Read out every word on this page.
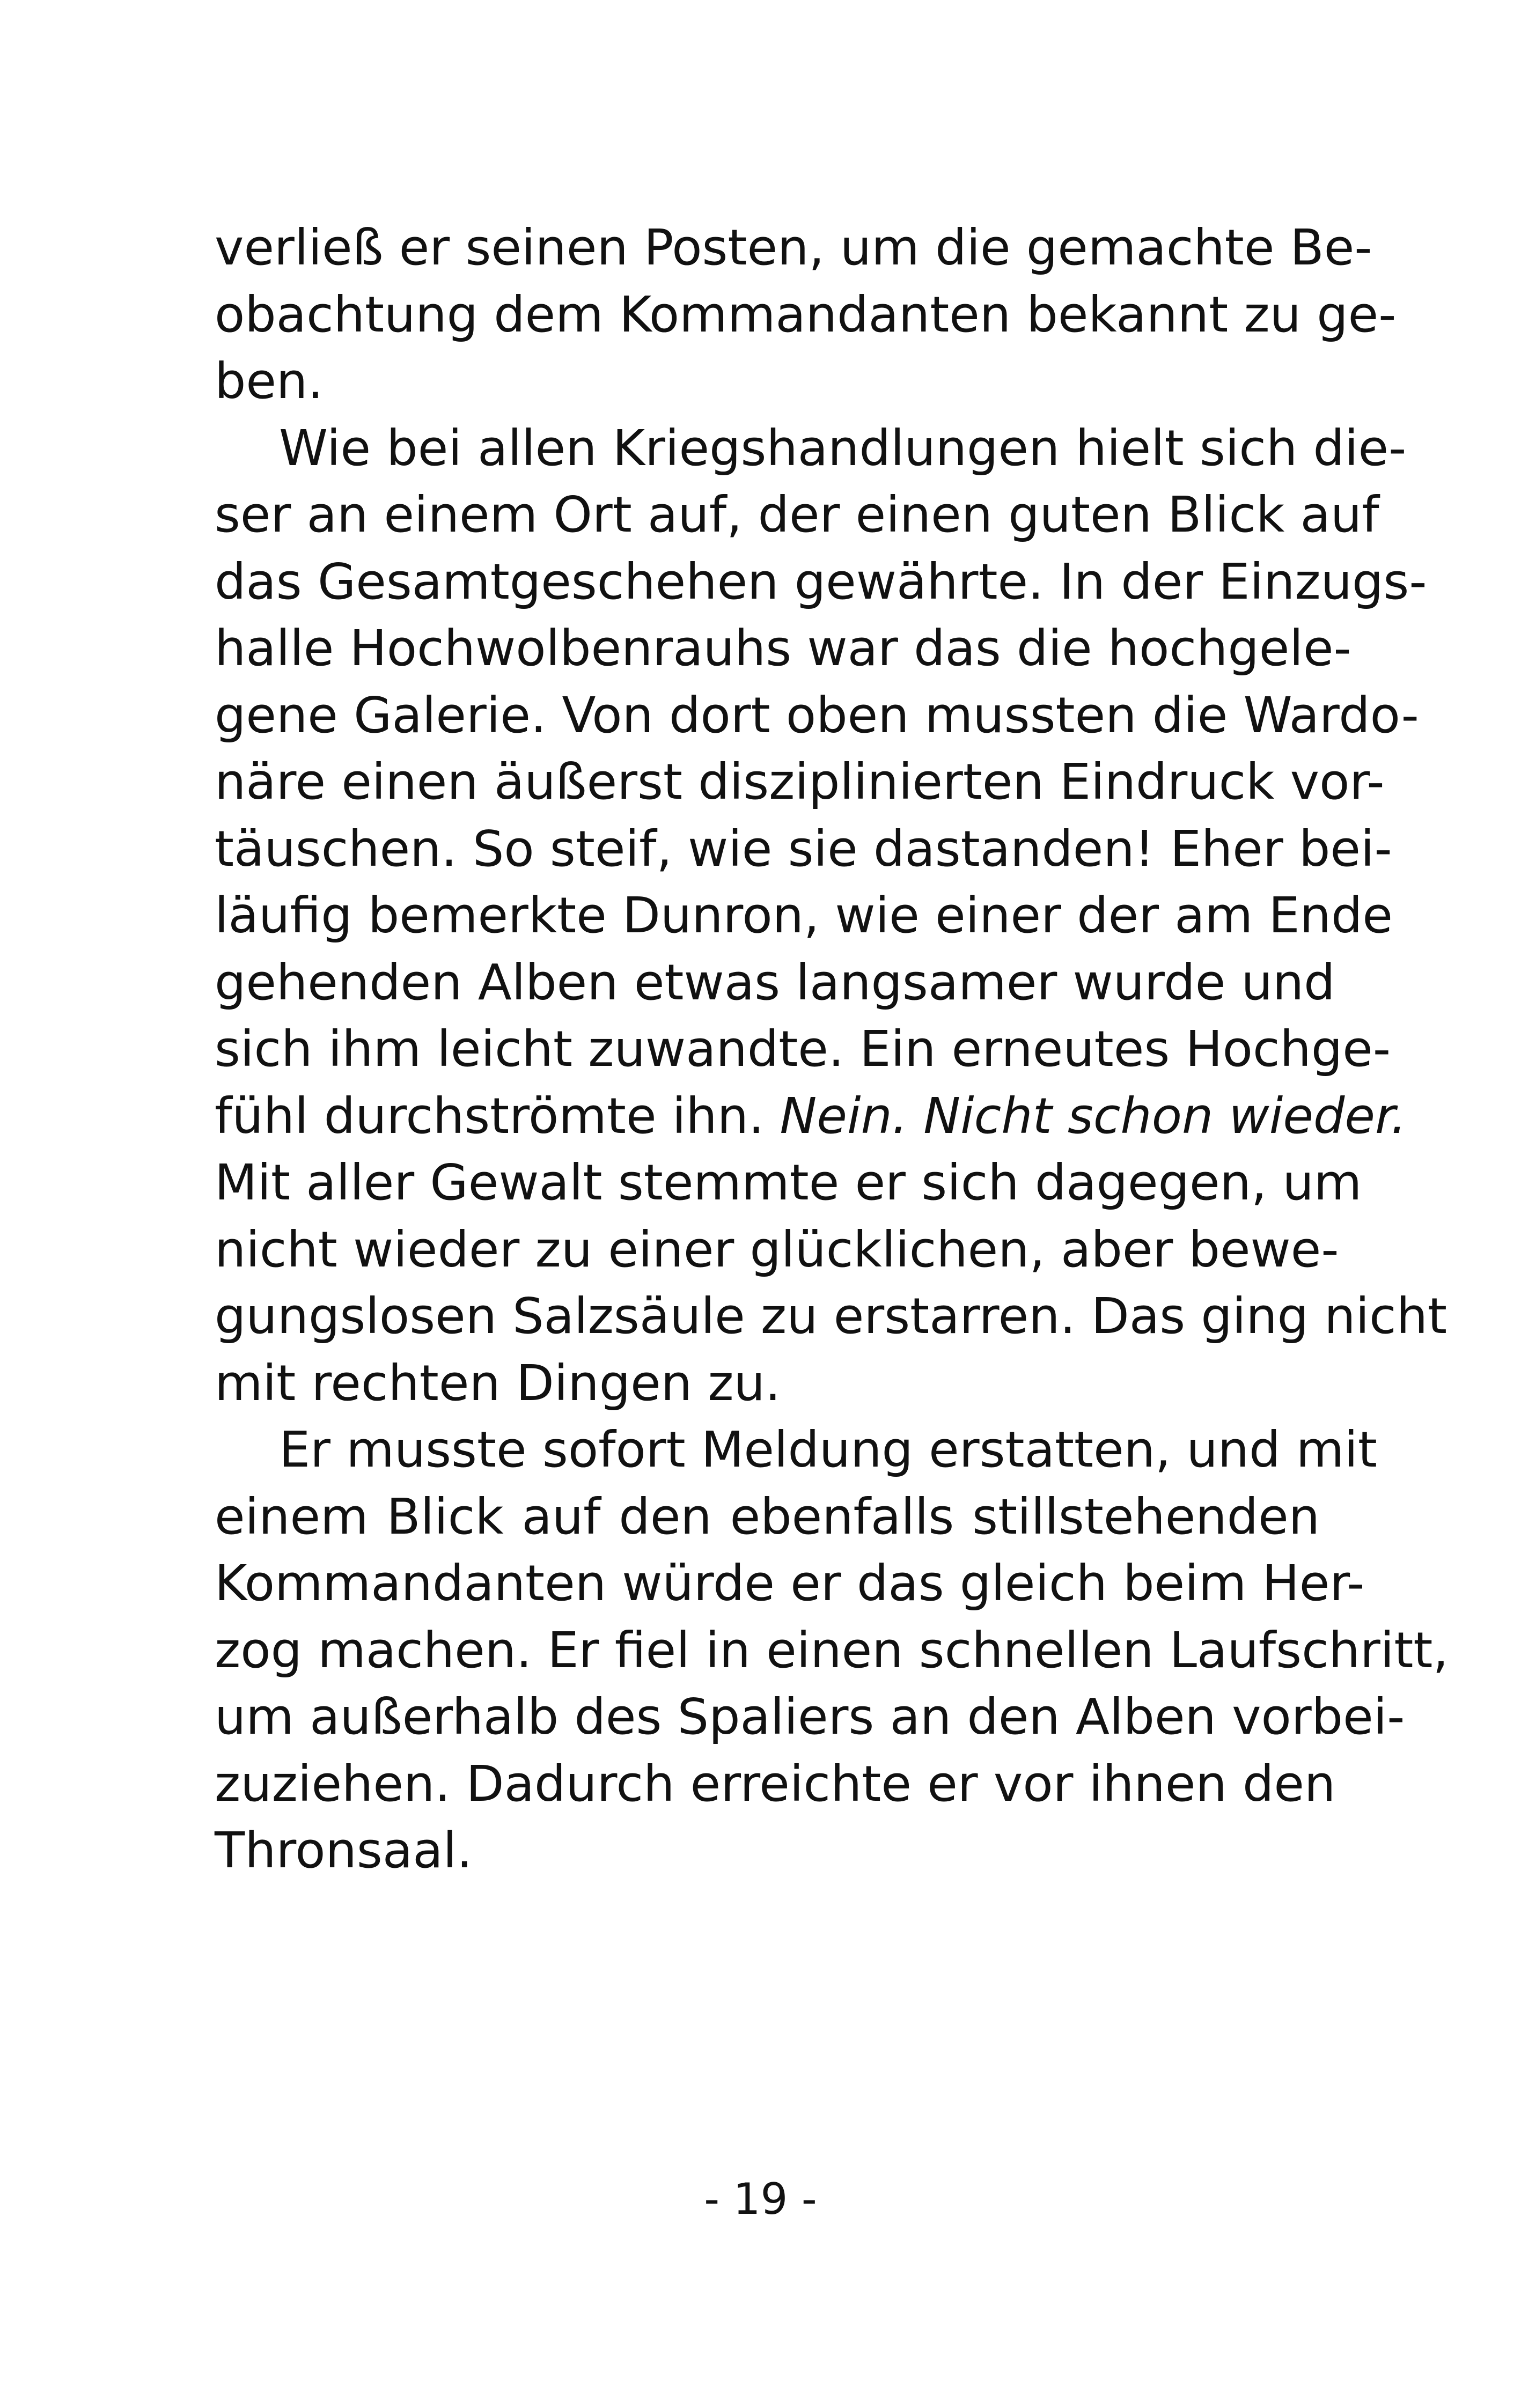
verließ er seinen Posten, um die gemachte Be-
obachtung dem Kommandanten bekannt zu ge-
ben.
Wie bei allen Kriegshandlungen hielt sich die-
ser an einem Ort auf, der einen guten Blick auf
das Gesamtgeschehen gewährte. In der Einzugs-
halle Hochwolbenrauhs war das die hochgele-
gene Galerie. Von dort oben mussten die Wardo-
näre einen äußerst disziplinierten Eindruck vor-
täuschen. So steif, wie sie dastanden! Eher bei-
läufig bemerkte Dunron, wie einer der am Ende
gehenden Alben etwas langsamer wurde und
sich ihm leicht zuwandte. Ein erneutes Hochge-
fühl durchströmte ihn. Nein. Nicht schon wieder.
Mit aller Gewalt stemmte er sich dagegen, um
nicht wieder zu einer glücklichen, aber bewe-
gungslosen Salzsäule zu erstarren. Das ging nicht
mit rechten Dingen zu.
Er musste sofort Meldung erstatten, und mit
einem Blick auf den ebenfalls stillstehenden
Kommandanten würde er das gleich beim Her-
zog machen. Er fiel in einen schnellen Laufschritt,
um außerhalb des Spaliers an den Alben vorbei-
zuziehen. Dadurch erreichte er vor ihnen den
Thronsaal.
- 19 -
